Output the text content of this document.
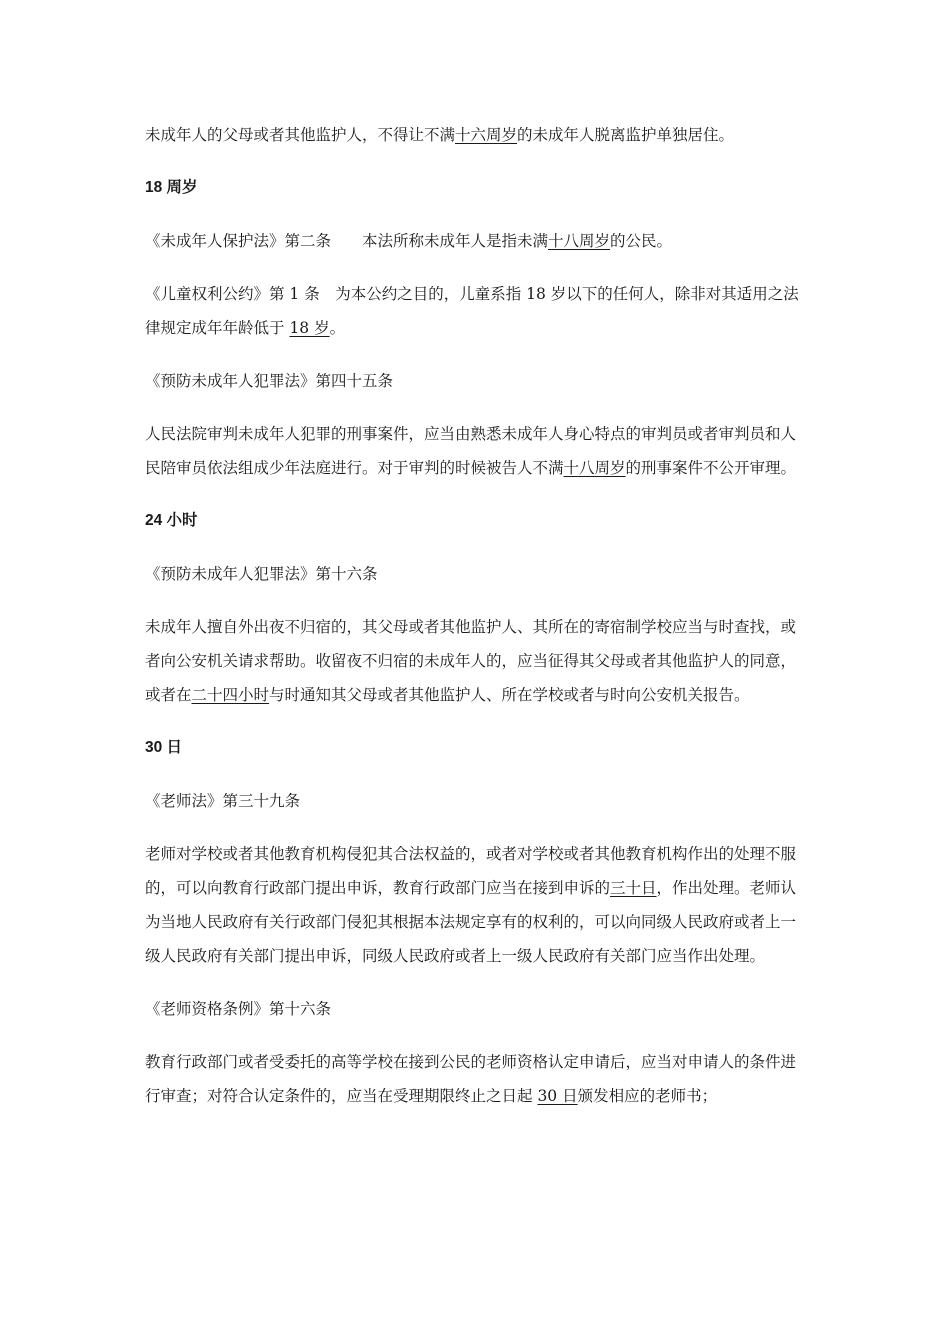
未成年人的父母或者其他监护人，不得让不满十六周岁的未成年人脱离监护单独居住。

18 周岁

《未成年人保护法》第二条　　本法所称未成年人是指未满十八周岁的公民。

《儿童权利公约》第 1 条　为本公约之目的，儿童系指 18 岁以下的任何人，除非对其适用之法律规定成年年龄低于 18 岁。

《预防未成年人犯罪法》第四十五条

人民法院审判未成年人犯罪的刑事案件，应当由熟悉未成年人身心特点的审判员或者审判员和人民陪审员依法组成少年法庭进行。对于审判的时候被告人不满十八周岁的刑事案件不公开审理。

24 小时

《预防未成年人犯罪法》第十六条

未成年人擅自外出夜不归宿的，其父母或者其他监护人、其所在的寄宿制学校应当与时查找，或者向公安机关请求帮助。收留夜不归宿的未成年人的，应当征得其父母或者其他监护人的同意，或者在二十四小时与时通知其父母或者其他监护人、所在学校或者与时向公安机关报告。

30 日

《老师法》第三十九条

老师对学校或者其他教育机构侵犯其合法权益的，或者对学校或者其他教育机构作出的处理不服的，可以向教育行政部门提出申诉，教育行政部门应当在接到申诉的三十日，作出处理。老师认为当地人民政府有关行政部门侵犯其根据本法规定享有的权利的，可以向同级人民政府或者上一级人民政府有关部门提出申诉，同级人民政府或者上一级人民政府有关部门应当作出处理。

《老师资格条例》第十六条

教育行政部门或者受委托的高等学校在接到公民的老师资格认定申请后，应当对申请人的条件进行审查；对符合认定条件的，应当在受理期限终止之日起 30 日颁发相应的老师书；
